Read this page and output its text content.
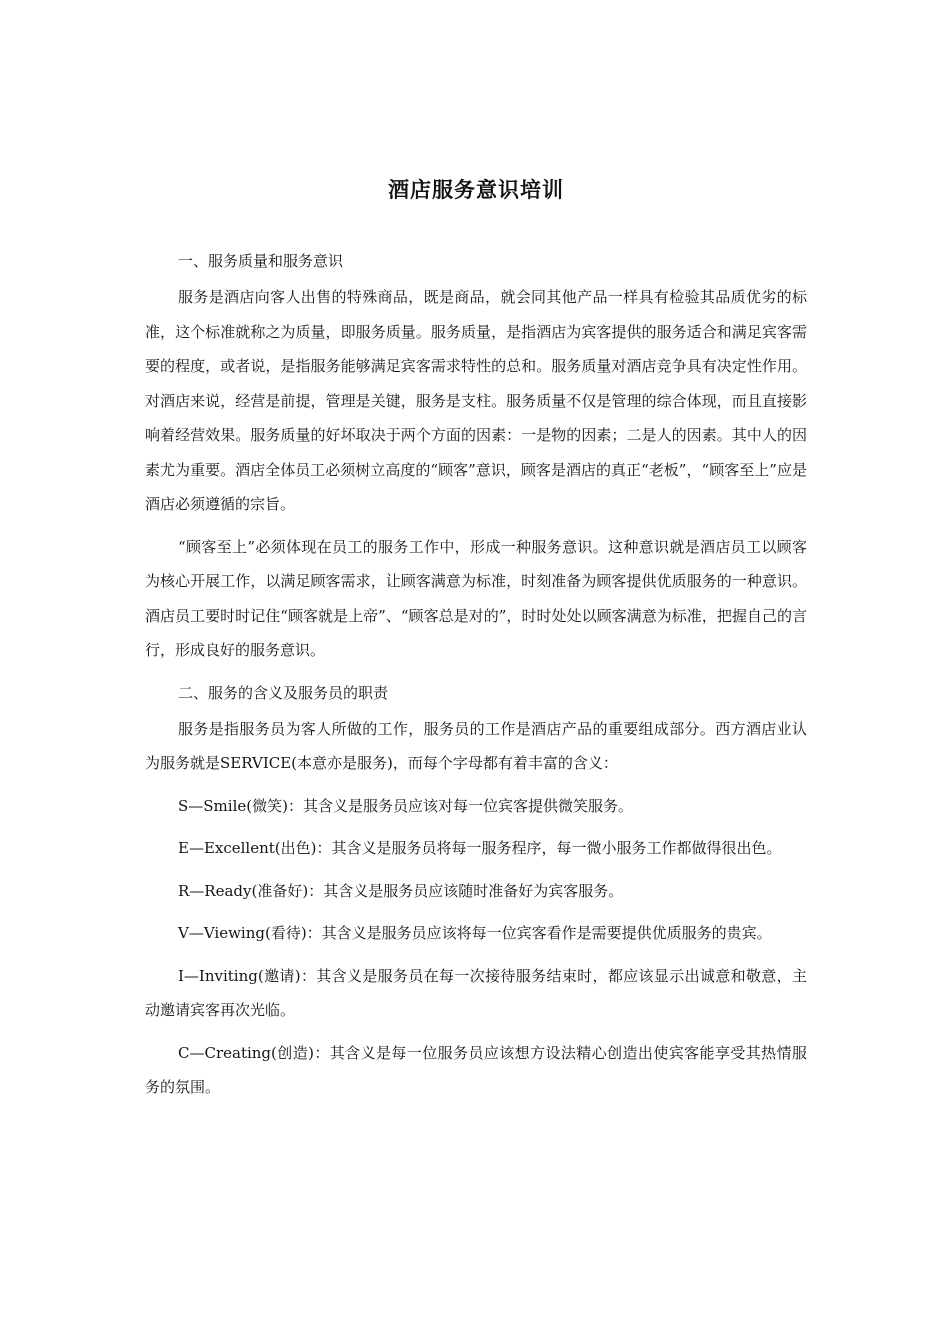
酒店服务意识培训

一、服务质量和服务意识

服务是酒店向客人出售的特殊商品，既是商品，就会同其他产品一样具有检验其品质优劣的标准，这个标准就称之为质量，即服务质量。服务质量，是指酒店为宾客提供的服务适合和满足宾客需要的程度，或者说，是指服务能够满足宾客需求特性的总和。服务质量对酒店竞争具有决定性作用。对酒店来说，经营是前提，管理是关键，服务是支柱。服务质量不仅是管理的综合体现，而且直接影响着经营效果。服务质量的好坏取决于两个方面的因素：一是物的因素；二是人的因素。其中人的因素尤为重要。酒店全体员工必须树立高度的“顾客”意识，顾客是酒店的真正“老板”，“顾客至上”应是酒店必须遵循的宗旨。

“顾客至上”必须体现在员工的服务工作中，形成一种服务意识。这种意识就是酒店员工以顾客为核心开展工作，以满足顾客需求，让顾客满意为标准，时刻准备为顾客提供优质服务的一种意识。酒店员工要时时记住“顾客就是上帝”、“顾客总是对的”，时时处处以顾客满意为标准，把握自己的言行，形成良好的服务意识。

二、服务的含义及服务员的职责

服务是指服务员为客人所做的工作，服务员的工作是酒店产品的重要组成部分。西方酒店业认为服务就是SERVICE(本意亦是服务)，而每个字母都有着丰富的含义：

S—Smile(微笑)：其含义是服务员应该对每一位宾客提供微笑服务。

E—Excellent(出色)：其含义是服务员将每一服务程序，每一微小服务工作都做得很出色。

R—Ready(准备好)：其含义是服务员应该随时准备好为宾客服务。

V—Viewing(看待)：其含义是服务员应该将每一位宾客看作是需要提供优质服务的贵宾。

I—Inviting(邀请)：其含义是服务员在每一次接待服务结束时，都应该显示出诚意和敬意，主动邀请宾客再次光临。

C—Creating(创造)：其含义是每一位服务员应该想方设法精心创造出使宾客能享受其热情服务的氛围。
